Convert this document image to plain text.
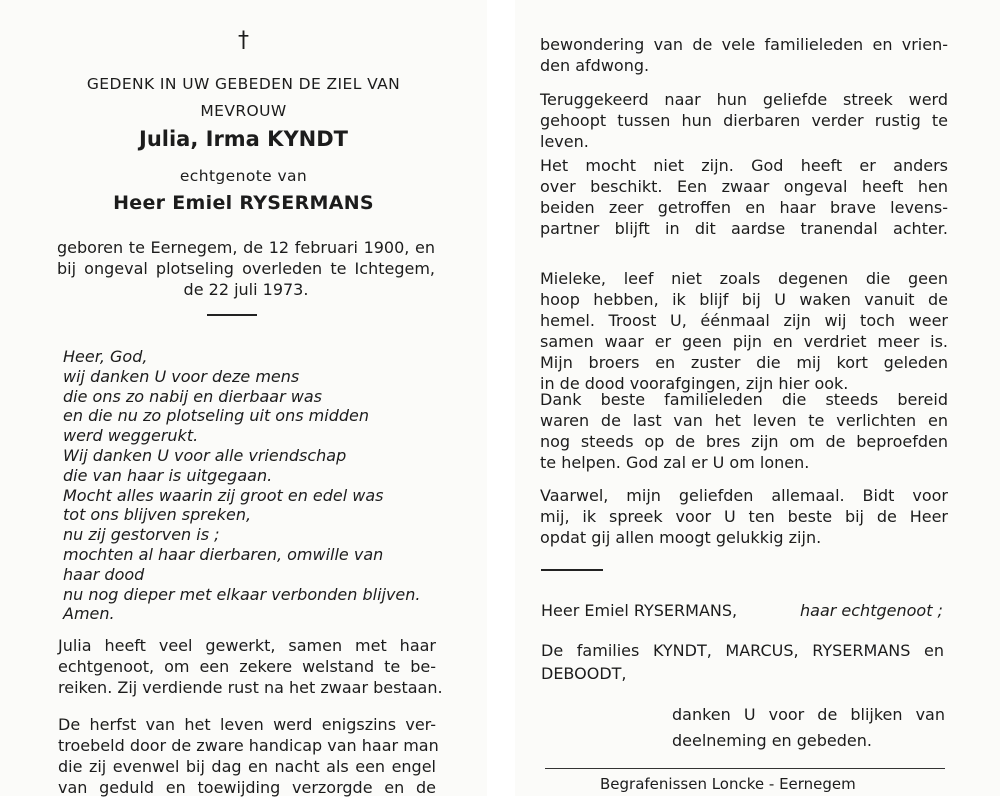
†
GEDENK IN UW GEBEDEN DE ZIEL VAN
MEVROUW
Julia, Irma KYNDT
echtgenote van
Heer Emiel RYSERMANS
geboren te Eernegem, de 12 februari 1900, en
bij ongeval plotseling overleden te Ichtegem,
de 22 juli 1973.
Heer, God,
wij danken U voor deze mens
die ons zo nabij en dierbaar was
en die nu zo plotseling uit ons midden
werd weggerukt.
Wij danken U voor alle vriendschap
die van haar is uitgegaan.
Mocht alles waarin zij groot en edel was
tot ons blijven spreken,
nu zij gestorven is ;
mochten al haar dierbaren, omwille van
haar dood
nu nog dieper met elkaar verbonden blijven.
Amen.
Julia heeft veel gewerkt, samen met haar
echtgenoot, om een zekere welstand te be-
reiken. Zij verdiende rust na het zwaar bestaan.
De herfst van het leven werd enigszins ver-
troebeld door de zware handicap van haar man
die zij evenwel bij dag en nacht als een engel
van geduld en toewijding verzorgde en de
bewondering van de vele familieleden en vrien-
den afdwong.
Teruggekeerd naar hun geliefde streek werd
gehoopt tussen hun dierbaren verder rustig te
leven.
Het mocht niet zijn. God heeft er anders
over beschikt. Een zwaar ongeval heeft hen
beiden zeer getroffen en haar brave levens-
partner blijft in dit aardse tranendal achter.
Mieleke, leef niet zoals degenen die geen
hoop hebben, ik blijf bij U waken vanuit de
hemel. Troost U, éénmaal zijn wij toch weer
samen waar er geen pijn en verdriet meer is.
Mijn broers en zuster die mij kort geleden
in de dood voorafgingen, zijn hier ook.
Dank beste familieleden die steeds bereid
waren de last van het leven te verlichten en
nog steeds op de bres zijn om de beproefden
te helpen. God zal er U om lonen.
Vaarwel, mijn geliefden allemaal. Bidt voor
mij, ik spreek voor U ten beste bij de Heer
opdat gij allen moogt gelukkig zijn.
Heer Emiel RYSERMANS,	haar echtgenoot ;
De families KYNDT, MARCUS, RYSERMANS en
DEBOODT,
danken U voor de blijken van
deelneming en gebeden.
Begrafenissen Loncke - Eernegem
